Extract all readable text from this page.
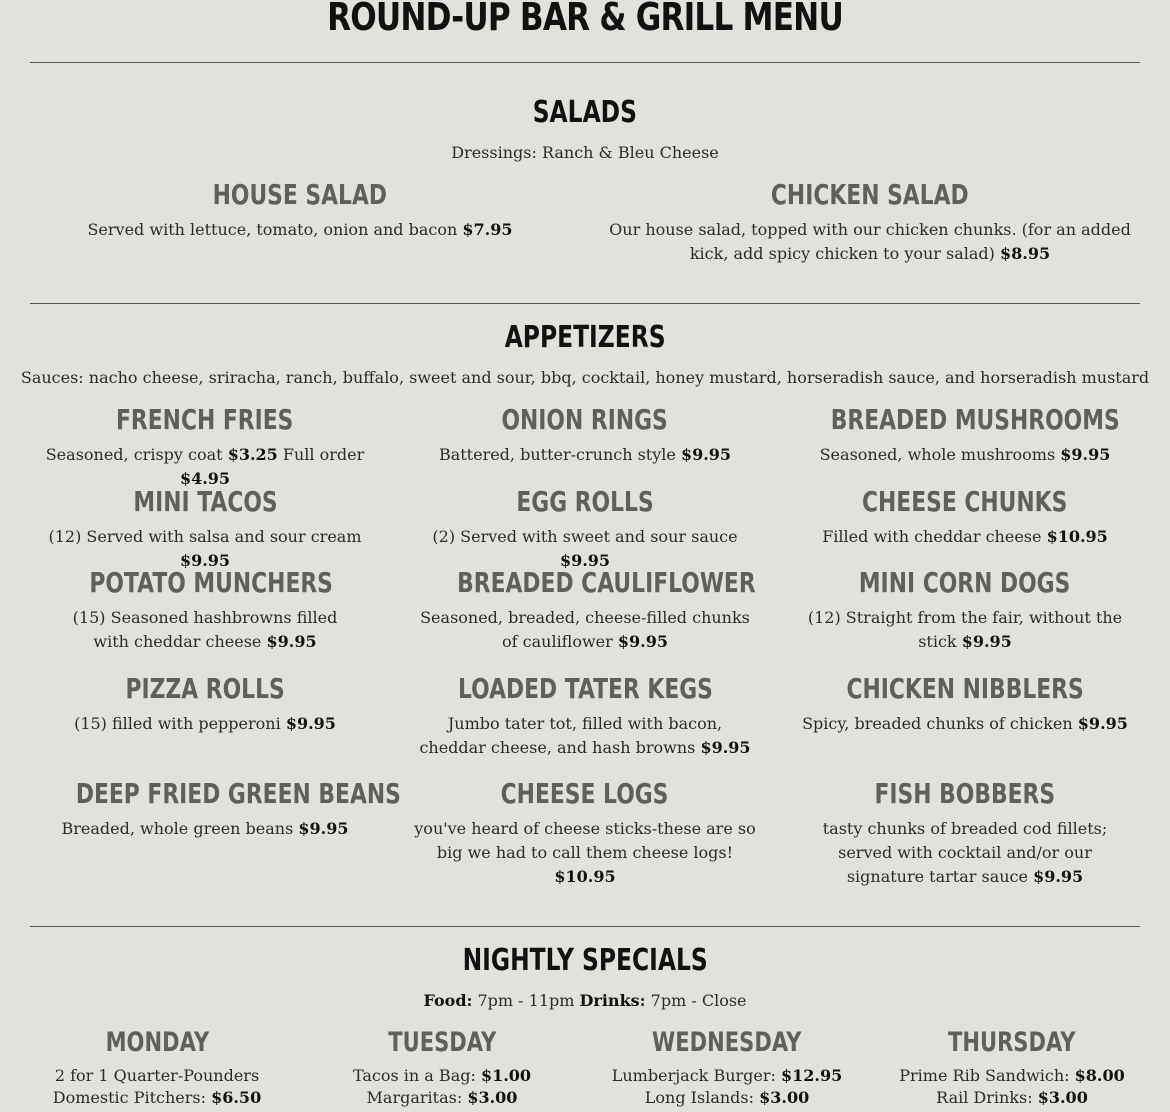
ROUND-UP BAR & GRILL MENU
SALADS
Dressings: Ranch & Bleu Cheese
HOUSE SALAD
Served with lettuce, tomato, onion and bacon $7.95
CHICKEN SALAD
Our house salad, topped with our chicken chunks. (for an added kick, add spicy chicken to your salad) $8.95
APPETIZERS
Sauces: nacho cheese, sriracha, ranch, buffalo, sweet and sour, bbq, cocktail, honey mustard, horseradish sauce, and horseradish mustard
FRENCH FRIES
Seasoned, crispy coat $3.25 Full order $4.95
ONION RINGS
Battered, butter-crunch style $9.95
BREADED MUSHROOMS
Seasoned, whole mushrooms $9.95
MINI TACOS
(12) Served with salsa and sour cream $9.95
EGG ROLLS
(2) Served with sweet and sour sauce $9.95
CHEESE CHUNKS
Filled with cheddar cheese $10.95
POTATO MUNCHERS
(15) Seasoned hashbrowns filled with cheddar cheese $9.95
BREADED CAULIFLOWER
Seasoned, breaded, cheese-filled chunks of cauliflower $9.95
MINI CORN DOGS
(12) Straight from the fair, without the stick $9.95
PIZZA ROLLS
(15) filled with pepperoni $9.95
LOADED TATER KEGS
Jumbo tater tot, filled with bacon, cheddar cheese, and hash browns $9.95
CHICKEN NIBBLERS
Spicy, breaded chunks of chicken $9.95
DEEP FRIED GREEN BEANS
Breaded, whole green beans $9.95
CHEESE LOGS
you've heard of cheese sticks-these are so big we had to call them cheese logs! $10.95
FISH BOBBERS
tasty chunks of breaded cod fillets; served with cocktail and/or our signature tartar sauce $9.95
NIGHTLY SPECIALS
Food: 7pm - 11pm Drinks: 7pm - Close
MONDAY
2 for 1 Quarter-Pounders
Domestic Pitchers: $6.50
TUESDAY
Tacos in a Bag: $1.00
Margaritas: $3.00
WEDNESDAY
Lumberjack Burger: $12.95
Long Islands: $3.00
THURSDAY
Prime Rib Sandwich: $8.00
Rail Drinks: $3.00
